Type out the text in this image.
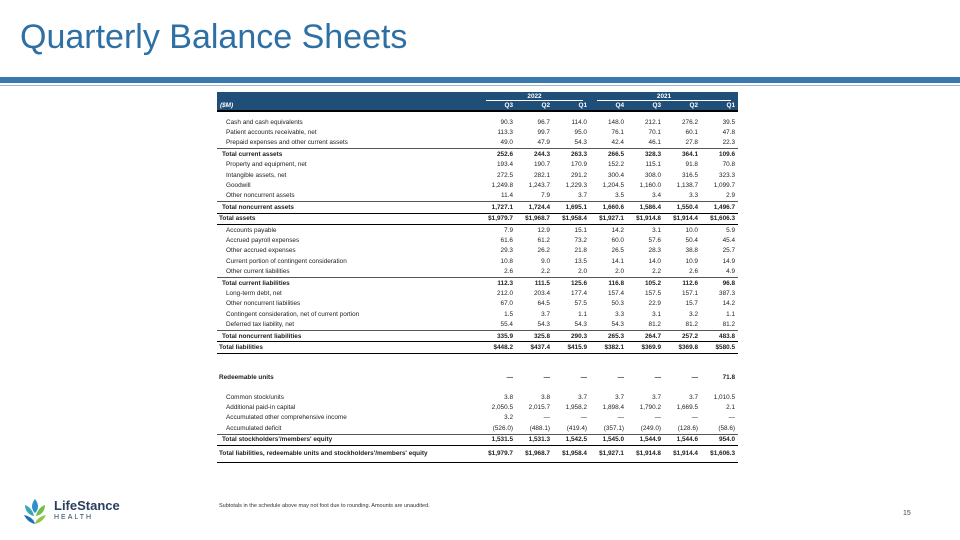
Quarterly Balance Sheets

	2022			2021			

($M)	Q3	Q2	Q1	Q4	Q3	Q2	Q1

Cash and cash equivalents	90.3	96.7	114.0	148.0	212.1	276.2	39.5
Patient accounts receivable, net	113.3	99.7	95.0	76.1	70.1	60.1	47.8
Prepaid expenses and other current assets	49.0	47.9	54.3	42.4	46.1	27.8	22.3
Total current assets	252.6	244.3	263.3	266.5	328.3	364.1	109.6
Property and equipment, net	193.4	190.7	170.9	152.2	115.1	91.8	70.8
Intangible assets, net	272.5	282.1	291.2	300.4	308.0	316.5	323.3
Goodwill	1,249.8	1,243.7	1,229.3	1,204.5	1,160.0	1,138.7	1,099.7
Other noncurrent assets	11.4	7.9	3.7	3.5	3.4	3.3	2.9
Total noncurrent assets	1,727.1	1,724.4	1,695.1	1,660.6	1,586.4	1,550.4	1,496.7
Total assets	$1,979.7	$1,968.7	$1,958.4	$1,927.1	$1,914.8	$1,914.4	$1,606.3
Accounts payable	7.9	12.9	15.1	14.2	3.1	10.0	5.9
Accrued payroll expenses	61.6	61.2	73.2	60.0	57.6	50.4	45.4
Other accrued expenses	29.3	26.2	21.8	26.5	28.3	38.8	25.7
Current portion of contingent consideration	10.8	9.0	13.5	14.1	14.0	10.9	14.9
Other current liabilities	2.6	2.2	2.0	2.0	2.2	2.6	4.9
Total current liabilities	112.3	111.5	125.6	116.8	105.2	112.6	96.8
Long-term debt, net	212.0	203.4	177.4	157.4	157.5	157.1	387.3
Other noncurrent liabilities	67.0	64.5	57.5	50.3	22.9	15.7	14.2
Contingent consideration, net of current portion	1.5	3.7	1.1	3.3	3.1	3.2	1.1
Deferred tax liability, net	55.4	54.3	54.3	54.3	81.2	81.2	81.2
Total noncurrent liabilities	335.9	325.8	290.3	265.3	264.7	257.2	483.8
Total liabilities	$448.2	$437.4	$415.9	$382.1	$369.9	$369.8	$580.5

Redeemable units	—	—	—	—	—	—	71.8

Common stock/units	3.8	3.8	3.7	3.7	3.7	3.7	1,010.5
Additional paid-in capital	2,050.5	2,015.7	1,958.2	1,898.4	1,790.2	1,669.5	2.1
Accumulated other comprehensive income	3.2	—	—	—	—	—	—
Accumulated deficit	(526.0)	(488.1)	(419.4)	(357.1)	(249.0)	(128.6)	(58.6)
Total stockholders'/members' equity	1,531.5	1,531.3	1,542.5	1,545.0	1,544.9	1,544.6	954.0
Total liabilities, redeemable units and stockholders'/members' equity	$1,979.7	$1,968.7	$1,958.4	$1,927.1	$1,914.8	$1,914.4	$1,606.3
Subtotals in the schedule above may not foot due to rounding. Amounts are unaudited.
LifeStance
HEALTH
15
